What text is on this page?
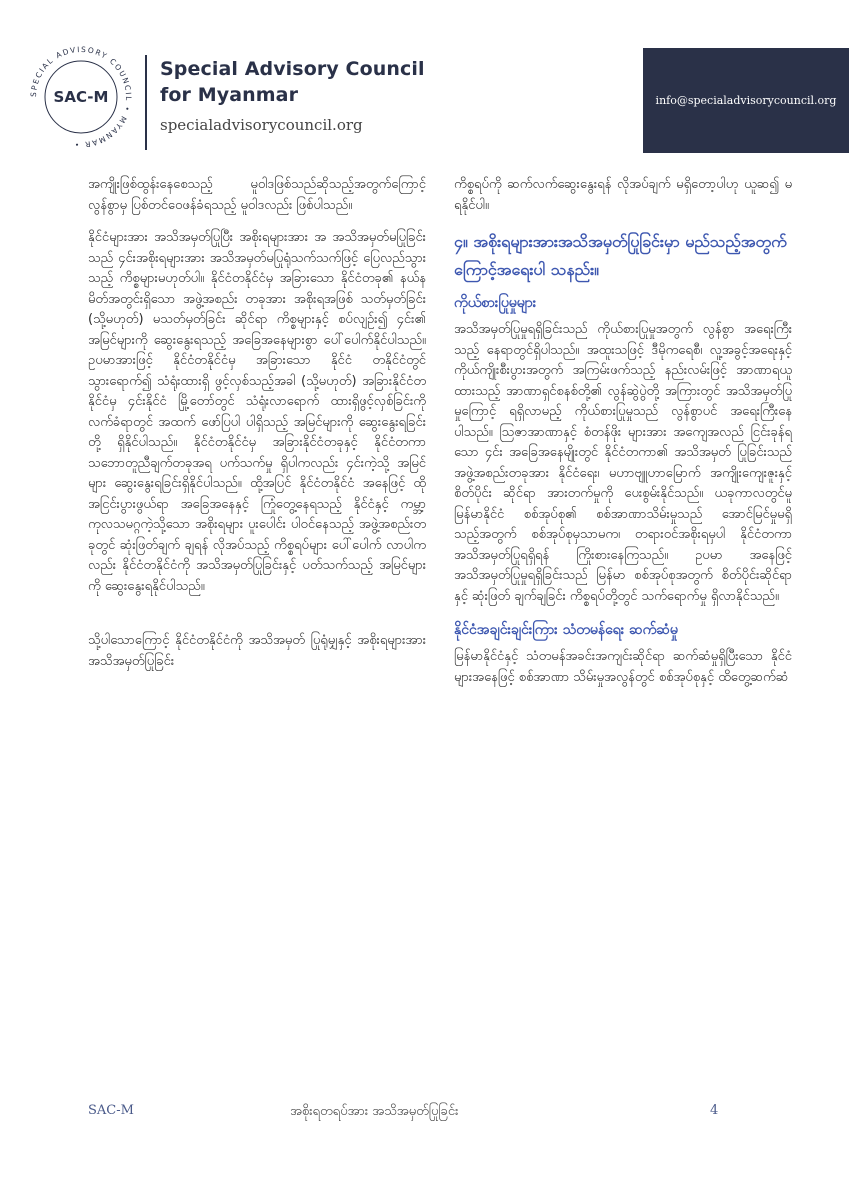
SPECIAL ADVISORY COUNCIL • MYANMAR •
SAC-M
Special Advisory Council
for Myanmar
specialadvisorycouncil.org
info@specialadvisorycouncil.org

အကျိုးဖြစ်ထွန်းနေစေသည့် မူဝါဒဖြစ်သည်ဆိုသည့်အတွက်ကြောင့် လွန်စွာမှ ပြစ်တင်ဝေဖန်ခံရသည့် မူဝါဒလည်း ဖြစ်ပါသည်။

နိုင်ငံများအား အသိအမှတ်ပြုပြီး အစိုးရများအား အ အသိအမှတ်မပြုခြင်းသည် ၄င်းအစိုးရများအား အသိအမှတ်မပြုရုံသက်သက်ဖြင့် ပြေလည်သွားသည့် ကိစ္စများမဟုတ်ပါ။ နိုင်ငံတနိုင်ငံမှ အခြားသော နိုင်ငံတခု၏ နယ်နမိတ်အတွင်းရှိသော အဖွဲ့အစည်း တခုအား အစိုးရအဖြစ် သတ်မှတ်ခြင်း (သို့မဟုတ်) မသတ်မှတ်ခြင်း ဆိုင်ရာ ကိစ္စများနှင့် စပ်လျဥ်း၍ ၄င်း၏ အမြင်များကို ဆွေးနွေးရသည့် အခြေအနေများစွာ ပေါ်ပေါက်နိုင်ပါသည်။ ဥပမာအားဖြင့် နိုင်ငံတနိုင်ငံမှ အခြားသော နိုင်ငံ တနိုင်ငံတွင် သွားရောက်၍ သံရုံးထားရှိ ဖွင့်လှစ်သည့်အခါ (သို့မဟုတ်) အခြားနိုင်ငံတနိုင်ငံမှ ၄င်းနိုင်ငံ မြို့တော်တွင် သံရုံးလာရောက် ထားရှိဖွင့်လှစ်ခြင်းကို လက်ခံရာတွင် အထက် ဖော်ပြပါ ပါရှိသည့် အမြင်များကို ဆွေးနွေးရခြင်းတို့ ရှိနိုင်ပါသည်။ နိုင်ငံတနိုင်ငံမှ အခြားနိုင်ငံတခုနှင့် နိုင်ငံတကာ သဘောတူညီချက်တခုအရ ပက်သက်မှု ရှိပါကလည်း ၄င်းကဲ့သို့ အမြင်များ ဆွေးနွေးရခြင်းရှိနိုင်ပါသည်။ ထို့အပြင် နိုင်ငံတနိုင်ငံ အနေဖြင့် ထို အငြင်းပွားဖွယ်ရာ အခြေအနေနှင့် ကြုံတွေ့နေရသည့် နိုင်ငံနှင့် ကမ္ဘာ့ကုလသမဂ္ဂကဲ့သို့သော အစိုးရများ ပူးပေါင်း ပါဝင်နေသည့် အဖွဲ့အစည်းတခုတွင် ဆုံးဖြတ်ချက် ချရန် လိုအပ်သည့် ကိစ္စရပ်များ ပေါ်ပေါက် လာပါကလည်း နိုင်ငံတနိုင်ငံကို အသိအမှတ်ပြုခြင်းနှင့် ပတ်သက်သည့် အမြင်များကို ဆွေးနွေးရနိုင်ပါသည်။

သို့ပါသောကြောင့် နိုင်ငံတနိုင်ငံကို အသိအမှတ် ပြုရုံမျှနှင့် အစိုးရများအား အသိအမှတ်ပြုခြင်း

ကိစ္စရပ်ကို ဆက်လက်ဆွေးနွေးရန် လိုအပ်ချက် မရှိတော့ပါဟု ယူဆ၍ မရနိုင်ပါ။

၄။ အစိုးရများအားအသိအမှတ်ပြုခြင်းမှာ မည်သည့်အတွက်ကြောင့်အရေးပါ သနည်း။
ကိုယ်စားပြုမှုများ

အသိအမှတ်ပြုမှုရရှိခြင်းသည် ကိုယ်စားပြုမှုအတွက် လွန်စွာ အရေးကြီးသည့် နေရာတွင်ရှိပါသည်။ အထူးသဖြင့် ဒီမိုကရေစီ၊ လူ့အခွင့်အရေးနှင့် ကိုယ်ကျိုးစီးပွားအတွက် အကြမ်းဖက်သည့် နည်းလမ်းဖြင့် အာဏာရယူ ထားသည့် အာဏာရှင်စနစ်တို့၏ လွန်ဆွဲပွဲတို့ အကြားတွင် အသိအမှတ်ပြုမှုကြောင့် ရရှိလာမည့် ကိုယ်စားပြုမှုသည် လွန်စွာပင် အရေးကြီးနေပါသည်။ ဩဇာအာဏာနှင့် စံတန်ဖိုး များအား အကျေအလည် ငြင်းခုန်ရသော ၄င်း အခြေအနေမျိုးတွင် နိုင်ငံတကာ၏ အသိအမှတ် ပြုခြင်းသည် အဖွဲ့အစည်းတခုအား နိုင်ငံရေး၊ မဟာဗျူဟာမြောက် အကျိုးကျေးဇူးနှင့် စိတ်ပိုင်း ဆိုင်ရာ အားတက်မှုကို ပေးစွမ်းနိုင်သည်။ ယခုကာလတွင်မူ မြန်မာနိုင်ငံ စစ်အုပ်စု၏ စစ်အာဏာသိမ်းမှုသည် အောင်မြင်မှုမရှိသည့်အတွက် စစ်အုပ်စုမှသာမက၊ တရားဝင်အစိုးရမှပါ နိုင်ငံတကာ အသိအမှတ်ပြုရရှိရန် ကြိုးစားနေကြသည်။ ဥပမာ အနေဖြင့် အသိအမှတ်ပြုမှုရရှိခြင်းသည် မြန်မာ စစ်အုပ်စုအတွက် စိတ်ပိုင်းဆိုင်ရာနှင့် ဆုံးဖြတ် ချက်ချခြင်း ကိစ္စရပ်တို့တွင် သက်ရောက်မှု ရှိလာနိုင်သည်။

နိုင်ငံအချင်းချင်းကြား သံတမန်ရေး ဆက်ဆံမှု

မြန်မာနိုင်ငံနှင့် သံတမန်အခင်းအကျင်းဆိုင်ရာ ဆက်ဆံမှုရှိပြီးသော နိုင်ငံများအနေဖြင့် စစ်အာဏာ သိမ်းမှုအလွန်တွင် စစ်အုပ်စုနှင့် ထိတွေ့ဆက်ဆံ

SAC-M	အစိုးရတရပ်အား အသိအမှတ်ပြုခြင်း	4
